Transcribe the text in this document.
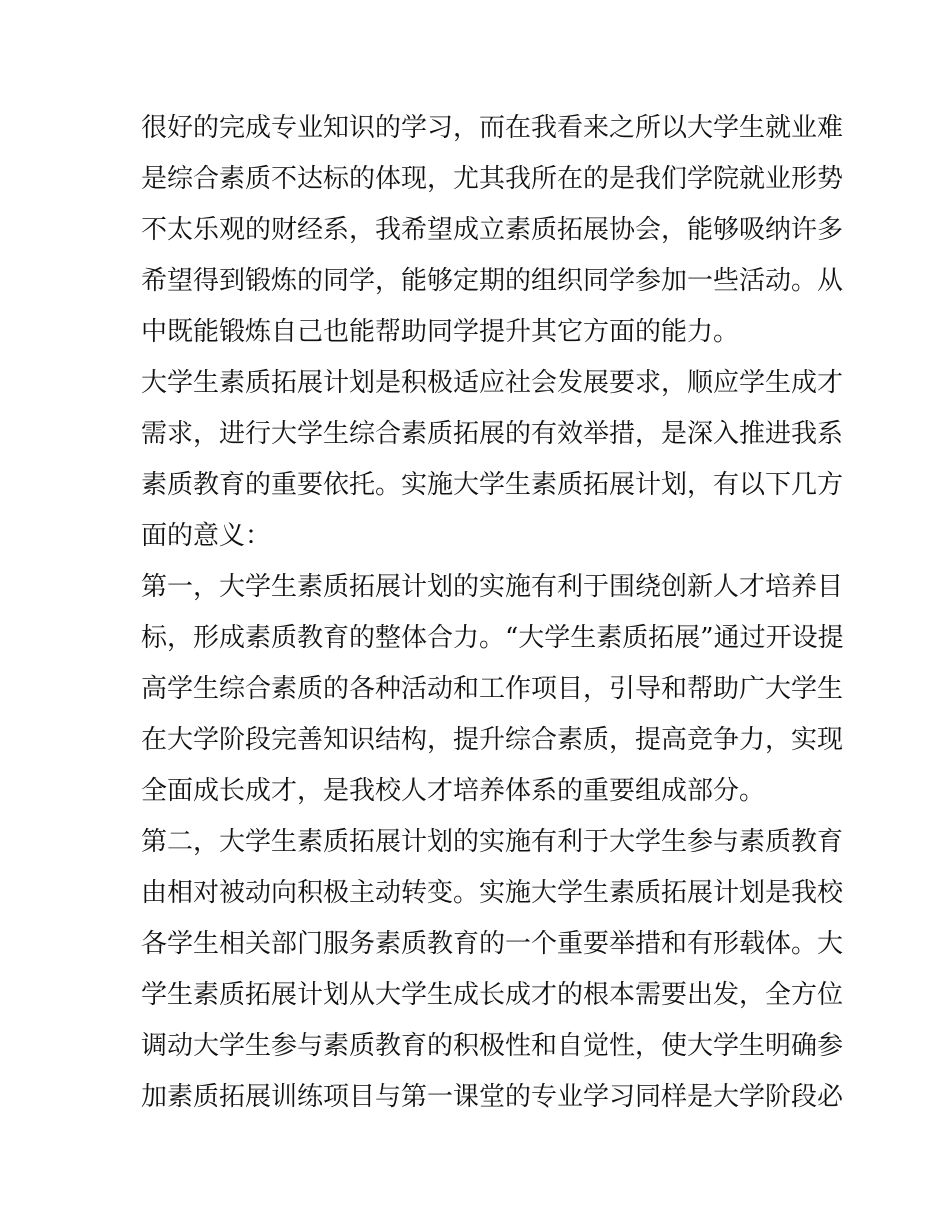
很好的完成专业知识的学习，而在我看来之所以大学生就业难
是综合素质不达标的体现，尤其我所在的是我们学院就业形势
不太乐观的财经系，我希望成立素质拓展协会，能够吸纳许多
希望得到锻炼的同学，能够定期的组织同学参加一些活动。从
中既能锻炼自己也能帮助同学提升其它方面的能力。
大学生素质拓展计划是积极适应社会发展要求，顺应学生成才
需求，进行大学生综合素质拓展的有效举措，是深入推进我系
素质教育的重要依托。实施大学生素质拓展计划，有以下几方
面的意义：
第一，大学生素质拓展计划的实施有利于围绕创新人才培养目
标，形成素质教育的整体合力。“大学生素质拓展”通过开设提
高学生综合素质的各种活动和工作项目，引导和帮助广大学生
在大学阶段完善知识结构，提升综合素质，提高竞争力，实现
全面成长成才，是我校人才培养体系的重要组成部分。
第二，大学生素质拓展计划的实施有利于大学生参与素质教育
由相对被动向积极主动转变。实施大学生素质拓展计划是我校
各学生相关部门服务素质教育的一个重要举措和有形载体。大
学生素质拓展计划从大学生成长成才的根本需要出发，全方位
调动大学生参与素质教育的积极性和自觉性，使大学生明确参
加素质拓展训练项目与第一课堂的专业学习同样是大学阶段必
